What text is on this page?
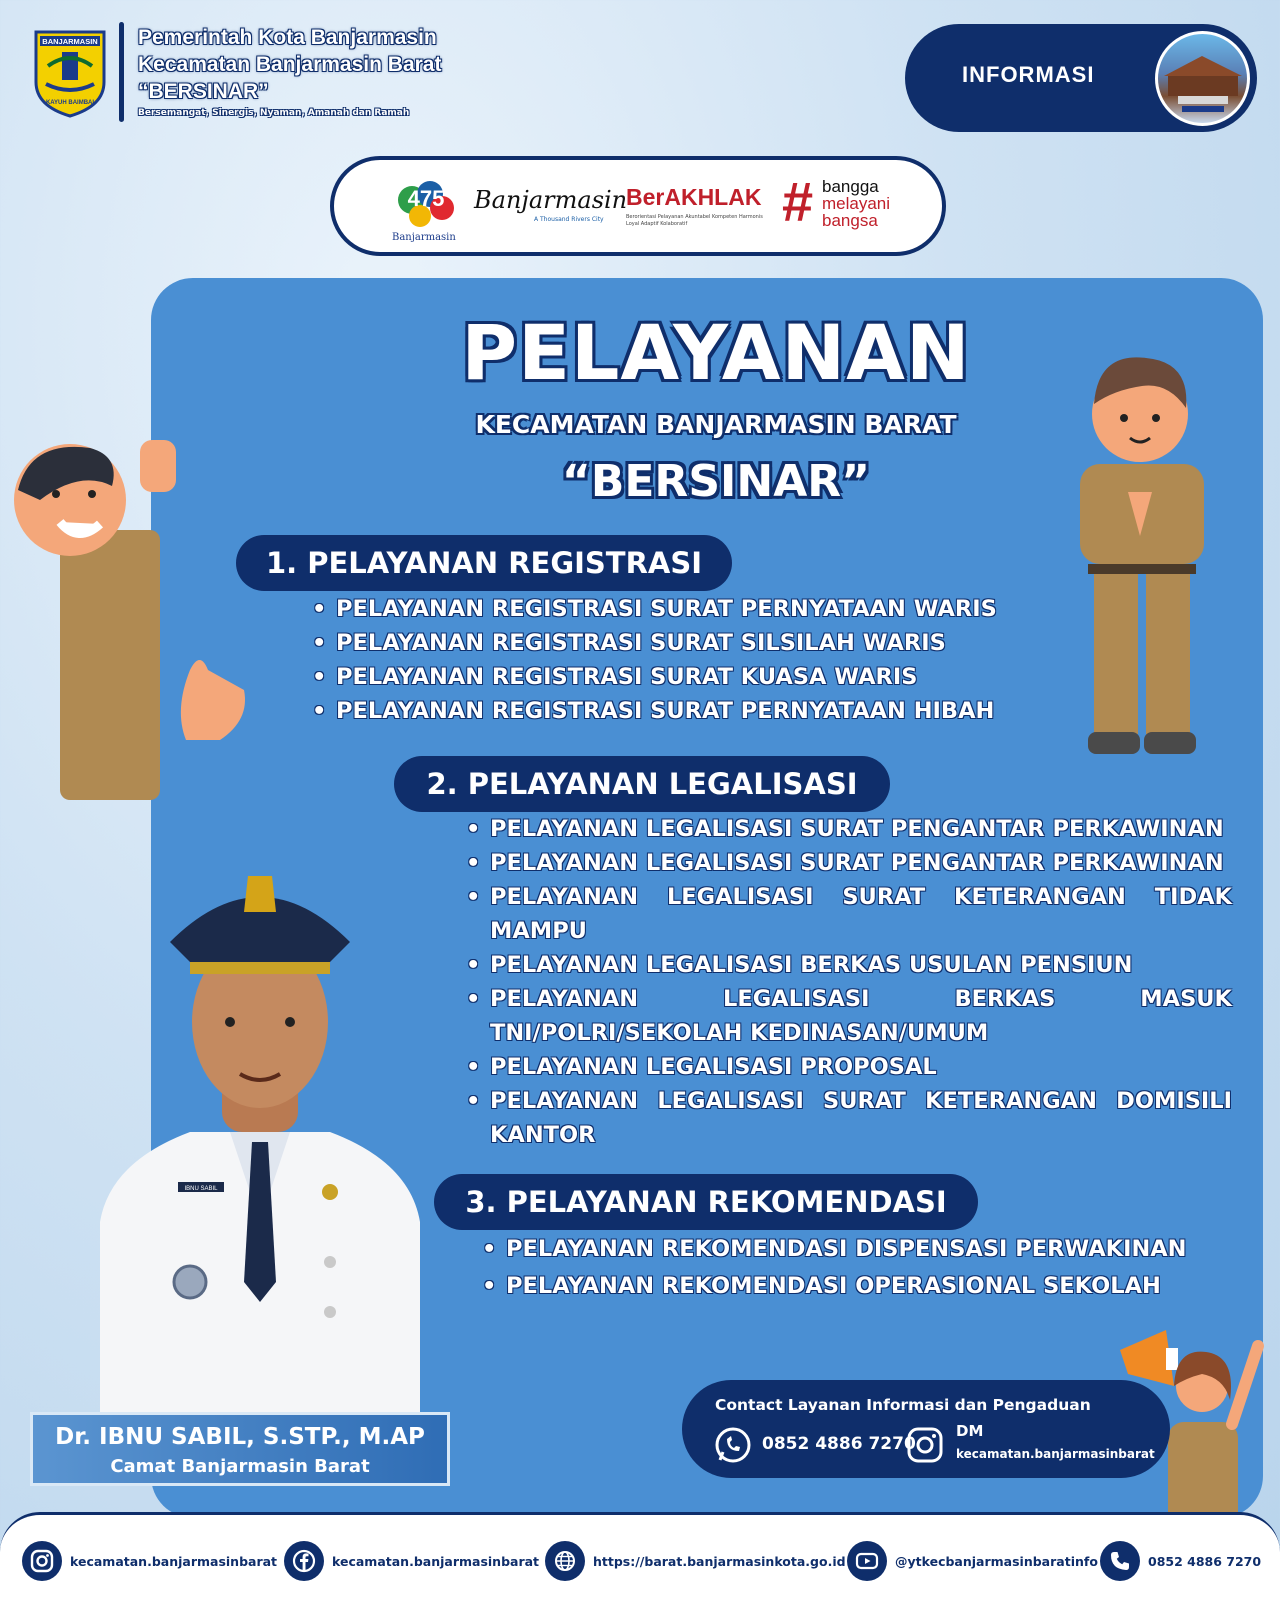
BANJARMASIN
KAYUH BAIMBAI
Pemerintah Kota Banjarmasin
Kecamatan Banjarmasin Barat
“BERSINAR”
Bersemangat, Sinergis, Nyaman, Amanah dan Ramah
INFORMASI
475
Banjarmasin
Banjarmasin
A Thousand Rivers City
BerAKHLAK
Berorientasi Pelayanan Akuntabel Kompeten Harmonis Loyal Adaptif Kolaboratif	# bangga
melayani
bangsa
PELAYANAN
KECAMATAN BANJARMASIN BARAT
“BERSINAR”
1. PELAYANAN REGISTRASI
• PELAYANAN REGISTRASI SURAT PERNYATAAN WARIS
• PELAYANAN REGISTRASI SURAT SILSILAH WARIS
• PELAYANAN REGISTRASI SURAT KUASA WARIS
• PELAYANAN REGISTRASI SURAT PERNYATAAN HIBAH
2. PELAYANAN LEGALISASI
• PELAYANAN LEGALISASI SURAT PENGANTAR PERKAWINAN
• PELAYANAN LEGALISASI SURAT PENGANTAR PERKAWINAN
• PELAYANAN LEGALISASI SURAT KETERANGAN TIDAK MAMPU
• PELAYANAN LEGALISASI BERKAS USULAN PENSIUN
• PELAYANAN LEGALISASI BERKAS MASUK TNI/POLRI/SEKOLAH KEDINASAN/UMUM
• PELAYANAN LEGALISASI PROPOSAL
• PELAYANAN LEGALISASI SURAT KETERANGAN DOMISILI KANTOR
3. PELAYANAN REKOMENDASI
• PELAYANAN REKOMENDASI DISPENSASI PERWAKINAN
• PELAYANAN REKOMENDASI OPERASIONAL SEKOLAH
IBNU SABIL
Dr. IBNU SABIL, S.STP., M.AP
Camat Banjarmasin Barat
Contact Layanan Informasi dan Pengaduan
0852 4886 7270
DM
kecamatan.banjarmasinbarat
kecamatan.banjarmasinbarat	kecamatan.banjarmasinbarat	https://barat.banjarmasinkota.go.id	@ytkecbanjarmasinbaratinfo	0852 4886 7270
